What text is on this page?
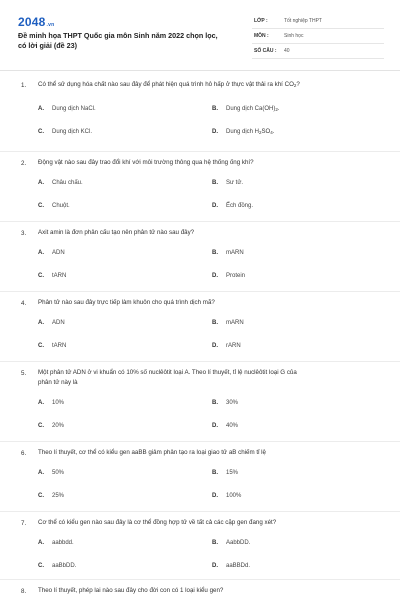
2048.vn
Đề minh họa THPT Quốc gia môn Sinh năm 2022 chọn lọc,
có lời giải (đề 23)
LỚP :	Tốt nghiệp THPT
MÔN :	Sinh học
SỐ CÂU : 40
1. Có thể sử dụng hóa chất nào sau đây để phát hiện quá trình hô hấp ở thực vật thải ra khí $CO_2$?
A. Dung dịch NaCl.	B. Dung dịch $Ca(OH)_2$.
C. Dung dịch KCl.	D. Dung dịch $H_2SO_4$.
2. Động vật nào sau đây trao đổi khí với môi trường thông qua hệ thống ống khí?
A. Châu chấu.	B. Sư tử.
C. Chuột.	D. Ếch đồng.
3. Axit amin là đơn phân cấu tạo nên phân tử nào sau đây?
A. ADN	B. mARN
C. tARN	D. Protein
4. Phân tử nào sau đây trực tiếp làm khuôn cho quá trình dịch mã?
A. ADN	B. mARN
C. tARN	D. rARN
5. Một phân tử ADN ở vi khuẩn có 10% số nuclêôtit loại A. Theo lí thuyết, tỉ lệ nuclêôtit loại G của
phân tử này là
A. 10%	B. 30%
C. 20%	D. 40%
6. Theo lí thuyết, cơ thể có kiểu gen aaBB giảm phân tạo ra loại giao tử aB chiếm tỉ lệ
A. 50%	B. 15%
C. 25%	D. 100%
7. Cơ thể có kiểu gen nào sau đây là cơ thể đồng hợp tử về tất cả các cặp gen đang xét?
A. aabbdd.	B. AabbDD.
C. aaBbDD.	D. aaBBDd.
8. Theo lí thuyết, phép lai nào sau đây cho đời con có 1 loại kiểu gen?
